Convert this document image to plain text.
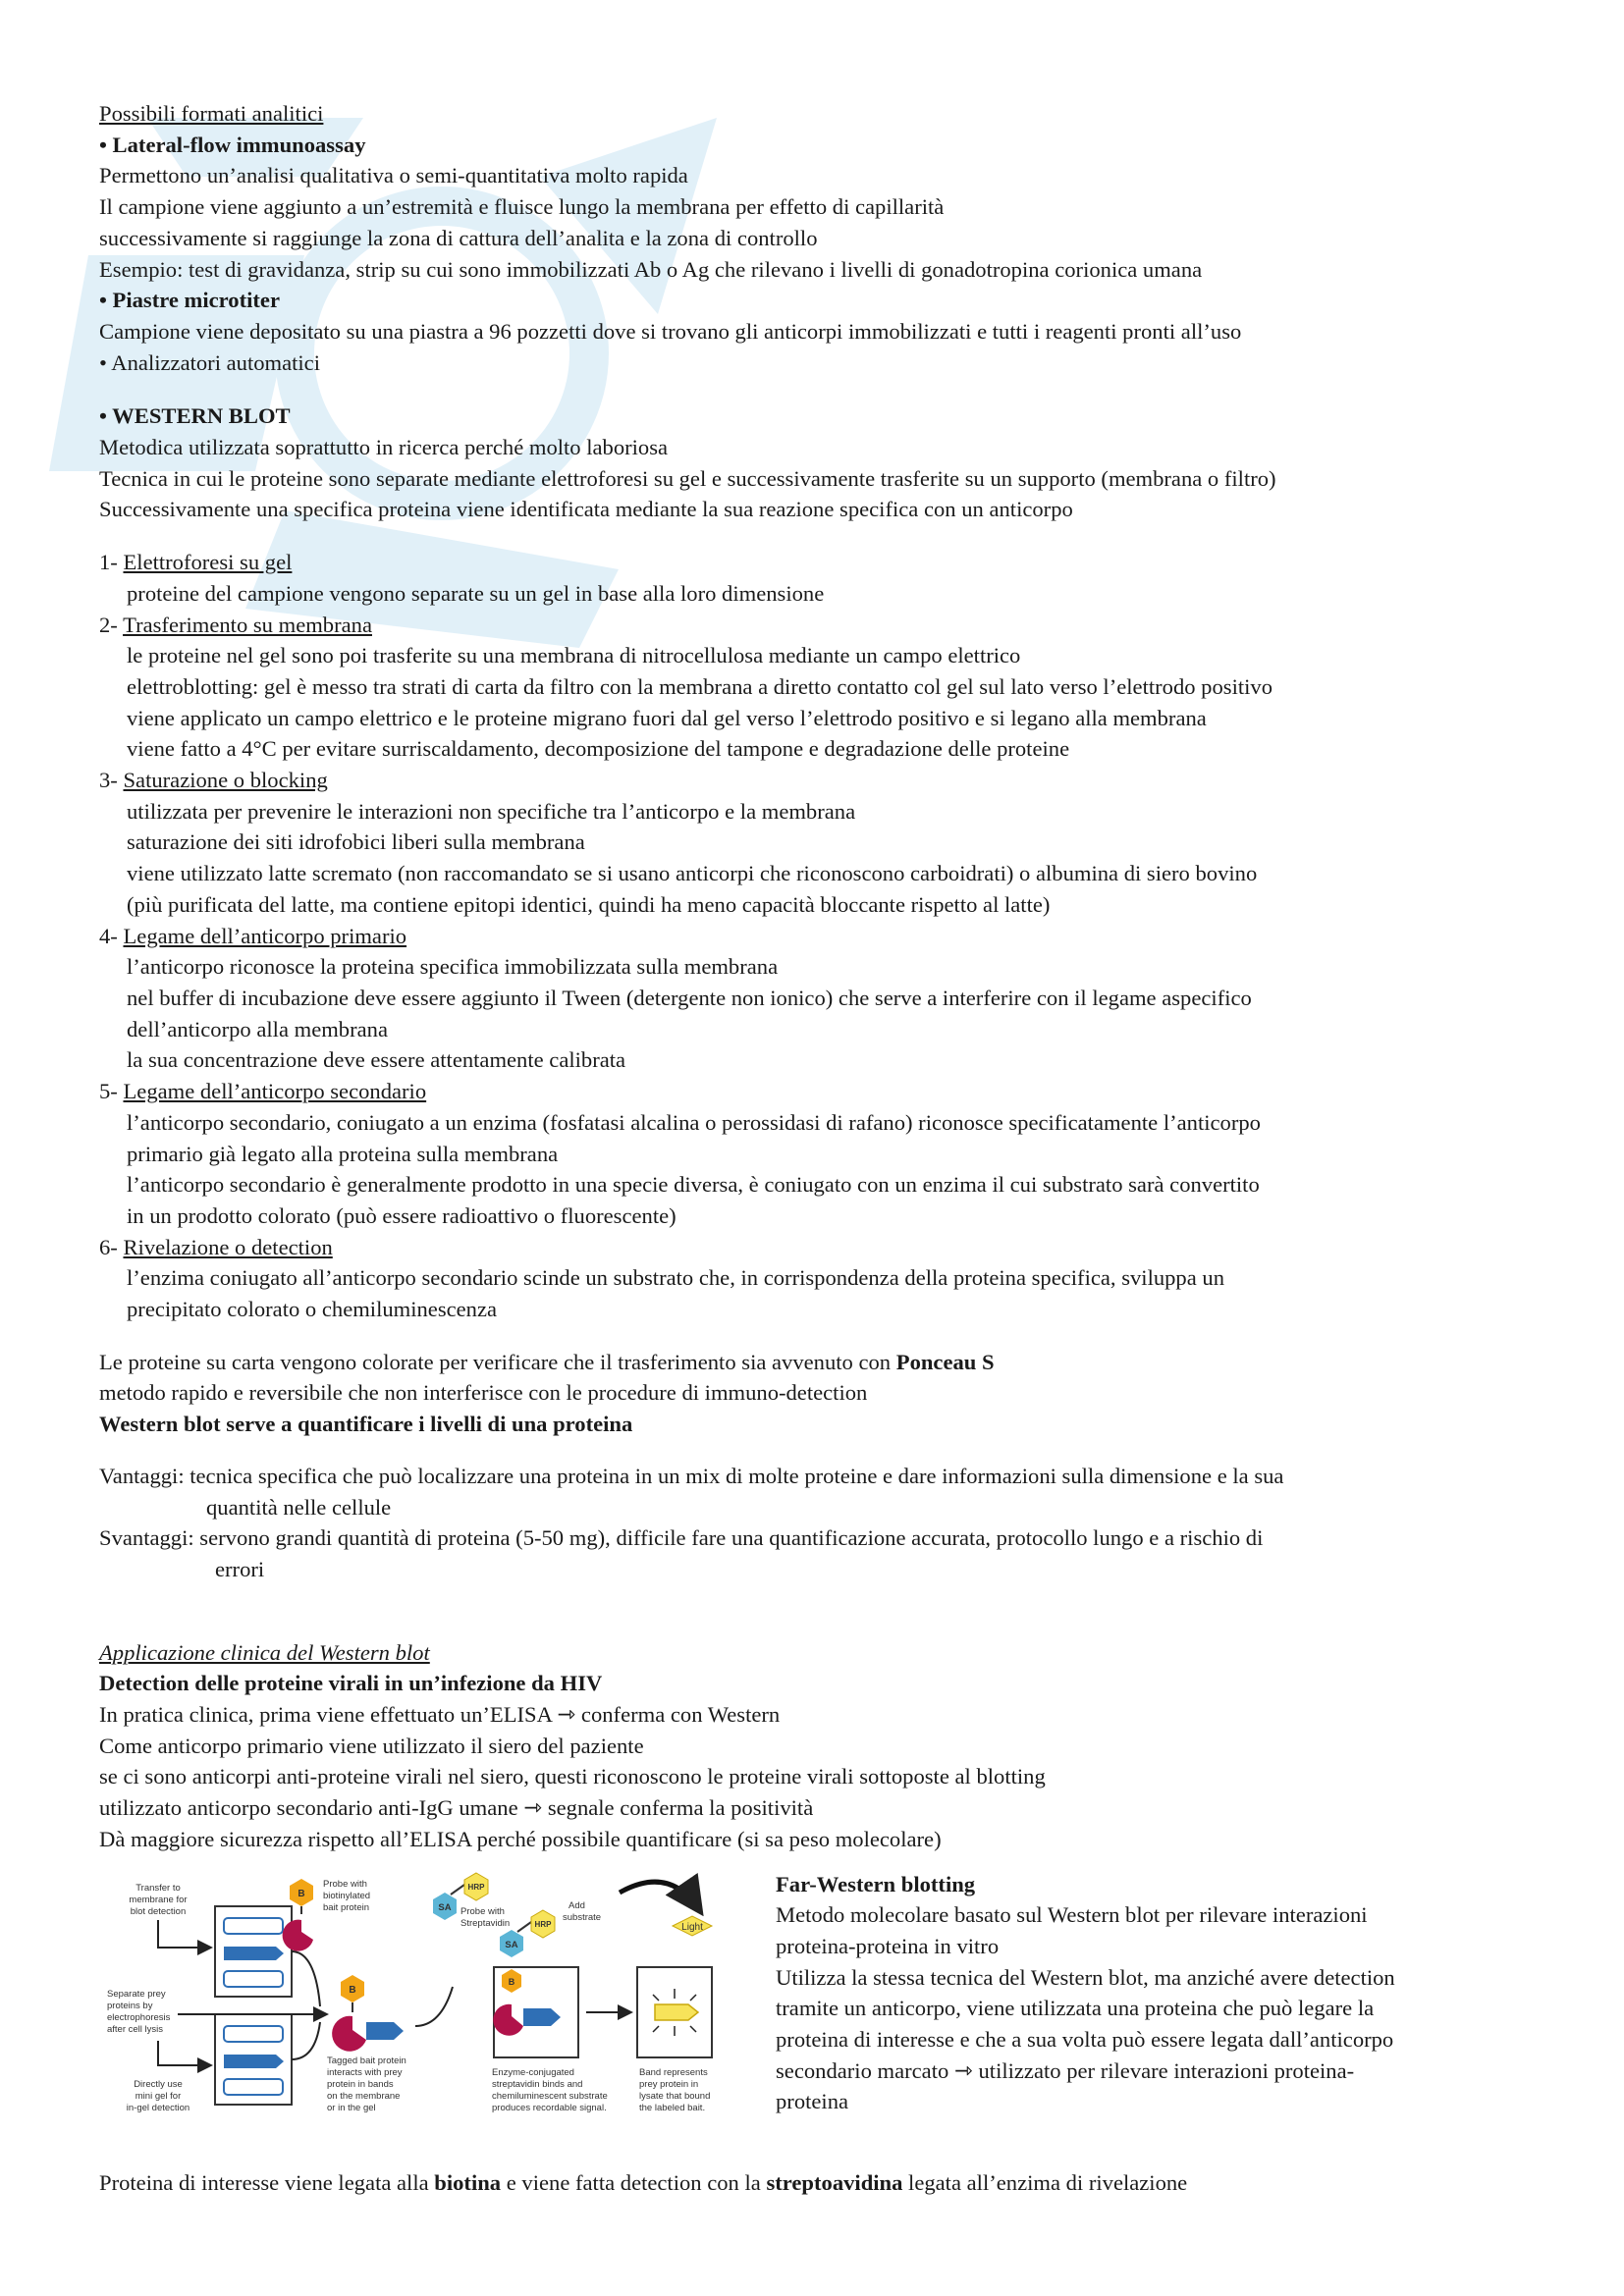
Possibili formati analitici
• Lateral-flow immunoassay
Permettono un’analisi qualitativa o semi-quantitativa molto rapida
Il campione viene aggiunto a un’estremità e fluisce lungo la membrana per effetto di capillarità
successivamente si raggiunge la zona di cattura dell’analita e la zona di controllo
Esempio: test di gravidanza, strip su cui sono immobilizzati Ab o Ag che rilevano i livelli di gonadotropina corionica umana
• Piastre microtiter
Campione viene depositato su una piastra a 96 pozzetti dove si trovano gli anticorpi immobilizzati e tutti i reagenti pronti all’uso
• Analizzatori automatici
• WESTERN BLOT
Metodica utilizzata soprattutto in ricerca perché molto laboriosa
Tecnica in cui le proteine sono separate mediante elettroforesi su gel e successivamente trasferite su un supporto (membrana o filtro)
Successivamente una specifica proteina viene identificata mediante la sua reazione specifica con un anticorpo
1- Elettroforesi su gel
proteine del campione vengono separate su un gel in base alla loro dimensione
2- Trasferimento su membrana
le proteine nel gel sono poi trasferite su una membrana di nitrocellulosa mediante un campo elettrico
elettroblotting: gel è messo tra strati di carta da filtro con la membrana a diretto contatto col gel sul lato verso l’elettrodo positivo
viene applicato un campo elettrico e le proteine migrano fuori dal gel verso l’elettrodo positivo e si legano alla membrana
viene fatto a 4°C per evitare surriscaldamento, decomposizione del tampone e degradazione delle proteine
3- Saturazione o blocking
utilizzata per prevenire le interazioni non specifiche tra l’anticorpo e la membrana
saturazione dei siti idrofobici liberi sulla membrana
viene utilizzato latte scremato (non raccomandato se si usano anticorpi che riconoscono carboidrati) o albumina di siero bovino
(più purificata del latte, ma contiene epitopi identici, quindi ha meno capacità bloccante rispetto al latte)
4- Legame dell’anticorpo primario
l’anticorpo riconosce la proteina specifica immobilizzata sulla membrana
nel buffer di incubazione deve essere aggiunto il Tween (detergente non ionico) che serve a interferire con il legame aspecifico
dell’anticorpo alla membrana
la sua concentrazione deve essere attentamente calibrata
5- Legame dell’anticorpo secondario
l’anticorpo secondario, coniugato a un enzima (fosfatasi alcalina o perossidasi di rafano) riconosce specificatamente l’anticorpo
primario già legato alla proteina sulla membrana
l’anticorpo secondario è generalmente prodotto in una specie diversa, è coniugato con un enzima il cui substrato sarà convertito
in un prodotto colorato (può essere radioattivo o fluorescente)
6- Rivelazione o detection
l’enzima coniugato all’anticorpo secondario scinde un substrato che, in corrispondenza della proteina specifica, sviluppa un
precipitato colorato o chemiluminescenza
Le proteine su carta vengono colorate per verificare che il trasferimento sia avvenuto con Ponceau S
metodo rapido e reversibile che non interferisce con le procedure di immuno-detection
Western blot serve a quantificare i livelli di una proteina
Vantaggi: tecnica specifica che può localizzare una proteina in un mix di molte proteine e dare informazioni sulla dimensione e la sua
quantità nelle cellule
Svantaggi: servono grandi quantità di proteina (5-50 mg), difficile fare una quantificazione accurata, protocollo lungo e a rischio di
errori
Applicazione clinica del Western blot
Detection delle proteine virali in un’infezione da HIV
In pratica clinica, prima viene effettuato un’ELISA ⇾ conferma con Western
Come anticorpo primario viene utilizzato il siero del paziente
se ci sono anticorpi anti-proteine virali nel siero, questi riconoscono le proteine virali sottoposte al blotting
utilizzato anticorpo secondario anti-IgG umane ⇾ segnale conferma la positività
Dà maggiore sicurezza rispetto all’ELISA perché possibile quantificare (si sa peso molecolare)
Transfer to
membrane for
blot detection
Separate prey
proteins by
electrophoresis
after cell lysis
Directly use
mini gel for
in-gel detection
B
Probe with
biotinylated
bait protein
B
Tagged bait protein
interacts with prey
protein in bands
on the membrane
or in the gel
SA
HRP
Probe with
Streptavidin
SA
HRP
Add
substrate
B
Enzyme-conjugated
streptavidin binds and
chemiluminescent substrate
produces recordable signal.
Light
Band represents
prey protein in
lysate that bound
the labeled bait.
Far-Western blotting
Metodo molecolare basato sul Western blot per rilevare interazioni
proteina-proteina in vitro
Utilizza la stessa tecnica del Western blot, ma anziché avere detection
tramite un anticorpo, viene utilizzata una proteina che può legare la
proteina di interesse e che a sua volta può essere legata dall’anticorpo
secondario marcato ⇾ utilizzato per rilevare interazioni proteina-
proteina
Proteina di interesse viene legata alla biotina e viene fatta detection con la streptoavidina legata all’enzima di rivelazione
